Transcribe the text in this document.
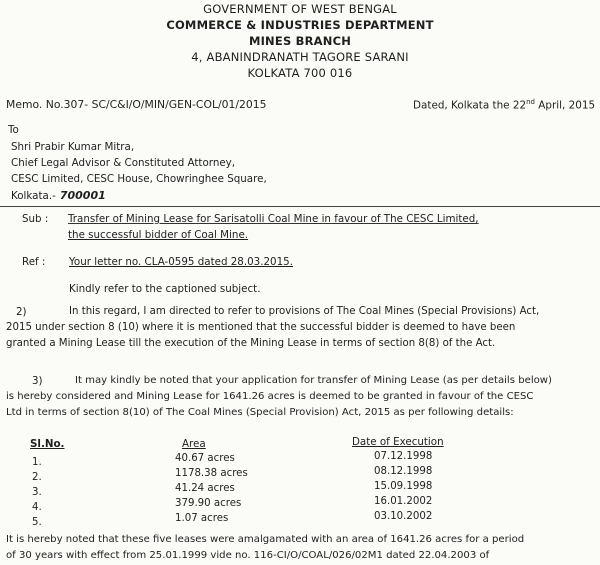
GOVERNMENT OF WEST BENGAL
COMMERCE & INDUSTRIES DEPARTMENT
MINES BRANCH
4, ABANINDRANATH TAGORE SARANI
KOLKATA 700 016
Memo. No.307- SC/C&I/O/MIN/GEN-COL/01/2015	Dated, Kolkata the 22nd April, 2015
To
Shri Prabir Kumar Mitra,
Chief Legal Advisor & Constituted Attorney,
CESC Limited, CESC House, Chowringhee Square,
Kolkata.- 700001
Sub : Transfer of Mining Lease for Sarisatolli Coal Mine in favour of The CESC Limited,
the successful bidder of Coal Mine.
Ref : Your letter no. CLA-0595 dated 28.03.2015.
Kindly refer to the captioned subject.
2)	In this regard, I am directed to refer to provisions of The Coal Mines (Special Provisions) Act,
2015 under section 8 (10) where it is mentioned that the successful bidder is deemed to have been
granted a Mining Lease till the execution of the Mining Lease in terms of section 8(8) of the Act.
3)	It may kindly be noted that your application for transfer of Mining Lease (as per details below)
is hereby considered and Mining Lease for 1641.26 acres is deemed to be granted in favour of the CESC
Ltd in terms of section 8(10) of The Coal Mines (Special Provision) Act, 2015 as per following details:
Sl.No.	Area	Date of Execution
1.	40.67 acres	07.12.1998
2.	1178.38 acres	08.12.1998
3.	41.24 acres	15.09.1998
4.	379.90 acres	16.01.2002
5.	1.07 acres	03.10.2002
It is hereby noted that these five leases were amalgamated with an area of 1641.26 acres for a period
of 30 years with effect from 25.01.1999 vide no. 116-CI/O/COAL/026/02M1 dated 22.04.2003 of
